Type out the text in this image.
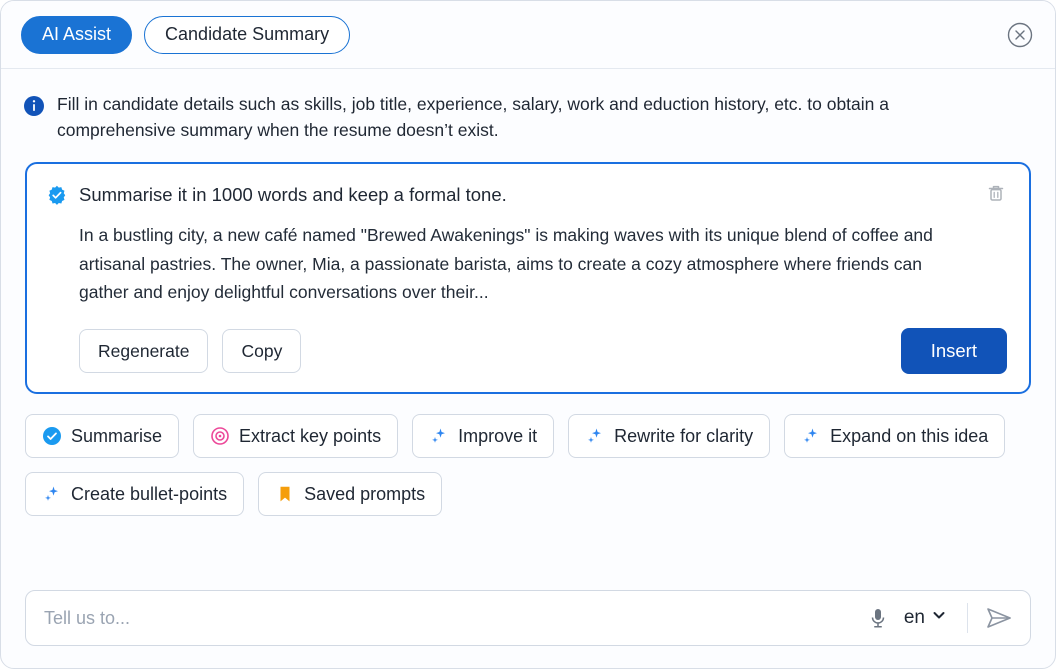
AI Assist	Candidate Summary
Fill in candidate details such as skills, job title, experience, salary, work and eduction history, etc. to obtain a comprehensive summary when the resume doesn’t exist.
Summarise it in 1000 words and keep a formal tone.
In a bustling city, a new café named "Brewed Awakenings" is making waves with its unique blend of coffee and artisanal pastries. The owner, Mia, a passionate barista, aims to create a cozy atmosphere where friends can gather and enjoy delightful conversations over their...
Regenerate	Copy	Insert
Summarise	Extract key points	Improve it	Rewrite for clarity	Expand on this idea
Create bullet-points	Saved prompts
Tell us to...
en
